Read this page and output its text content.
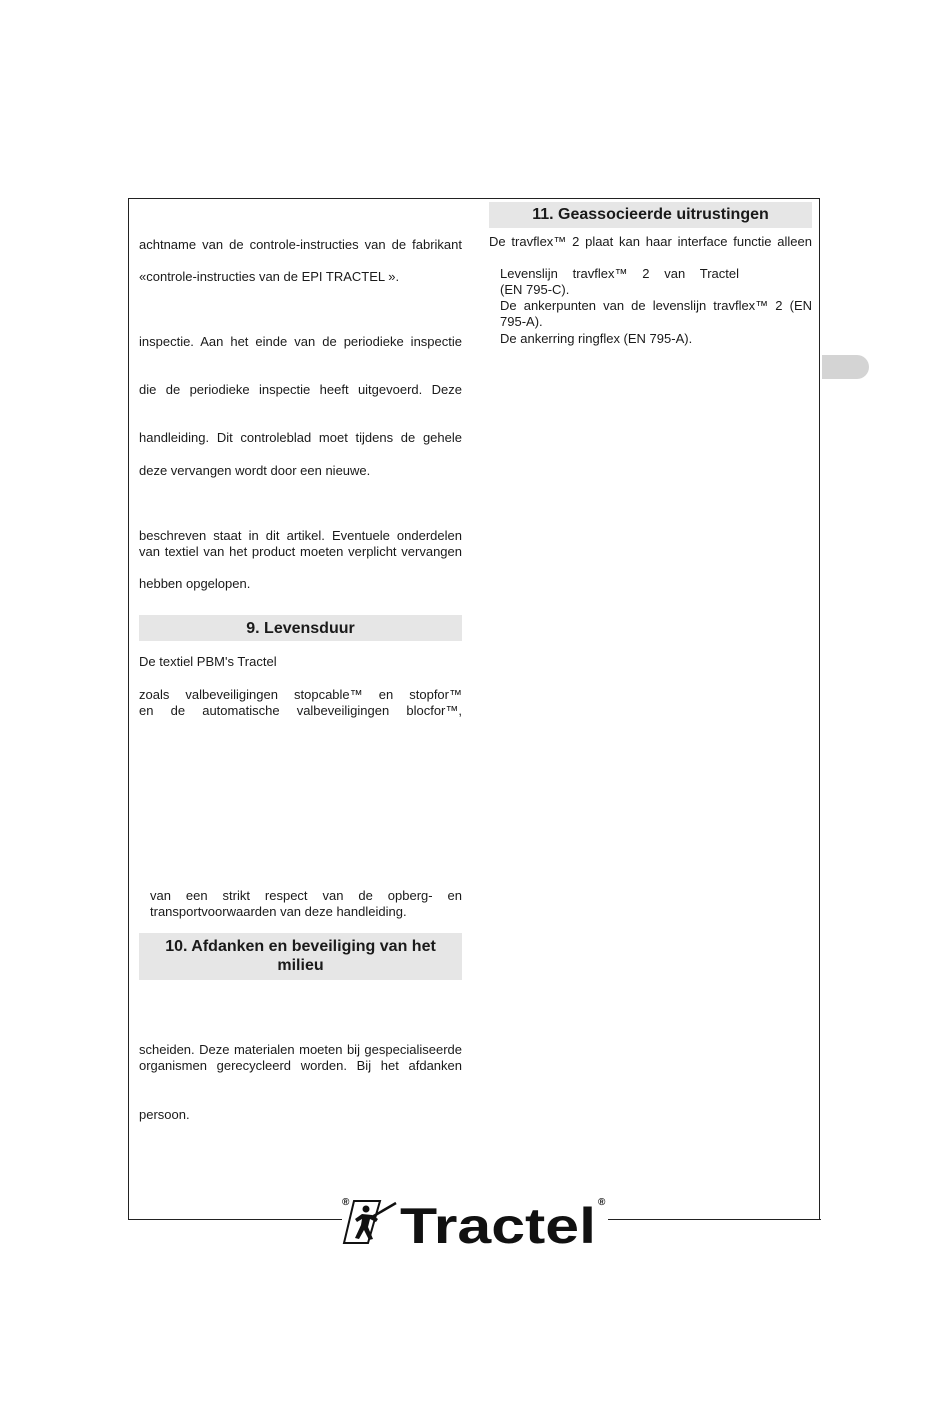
achtname van de controle-instructies van de fabrikant
«controle-instructies van de EPI TRACTEL ».
inspectie. Aan het einde van de periodieke inspectie
die de periodieke inspectie heeft uitgevoerd. Deze
handleiding. Dit controleblad moet tijdens de gehele
deze vervangen wordt door een nieuwe.
beschreven staat in dit artikel. Eventuele onderdelen
van textiel van het product moeten verplicht vervangen
hebben opgelopen.
9. Levensduur
De textiel PBM's Tractel
zoals valbeveiligingen stopcable™ en stopfor™
en de automatische valbeveiligingen blocfor™,
van een strikt respect van de opberg- en
transportvoorwaarden van deze handleiding.
10. Afdanken en beveiliging van het
milieu
scheiden. Deze materialen moeten bij gespecialiseerde
organismen gerecycleerd worden. Bij het afdanken
persoon.
11. Geassocieerde uitrustingen
De travflex™ 2 plaat kan haar interface functie alleen
Levenslijn travflex™ 2 van Tractel
(EN 795-C).
De ankerpunten van de levenslijn travflex™ 2 (EN
795-A).
De ankerring ringflex (EN 795-A).
® Tractel ®
